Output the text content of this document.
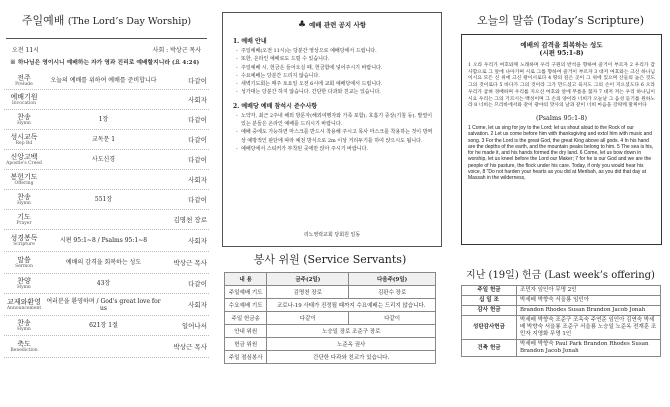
주일예배 (The Lord’s Day Worship)
오전 11시	사회 : 박상근 목사
※ 하나님은 영이시니 예배하는 자가 영과 진리로 예배할지니라 (요 4:24)
전주
Prelude
오늘의 예배를 위하여 예배를 준비합니다	다같이
예배기원
Invocation	사회자
찬송
Hymn
1장	다같이
성시교독
Rep Rd
교독문 1	다같이
신앙고백
Apostle's Creed
사도신경	다같이
봉헌기도
Offering	사회자
찬송
Hymn
551장	다같이
기도
Prayer	김명천 장로
성경봉독
Scripture
시편 95:1~8 / Psalms 95:1~8	사회자
말씀
Sermon
예배의 감격을 회복하는 성도	박상근 목사
찬양
Hymn
43장	다같이
교제와환영
Announcement
여러분을 환영하며 / God's great love for us	사회자
찬송
Hymn
621장 1절	일어나서
축도
Benediction	박상근 목사
♣ 예배 관련 공지 사항
1. 예배 안내
- 주일예배(오전 11시)는 당분간 영상으로 예배당에서 드립니다.
- 또한, 온라인 예배로도 드릴 수 있습니다.
- 주일예배 시, 헌금은 들어오실 때, 헌금함에 넣어주시기 바랍니다.
- 수요예배는 당분간 드리지 않습니다.
- 새벽기도회는 매주 토요일 오전 6시에 교회 예배당에서 드립니다.
- 성가대는 당분간 하지 않습니다. 간단한 다과와 친교는 있습니다.
2. 예배당 예배 참석시 준수사항
- 노약자, 최근 2주내 해외 방문자(해외여행자와 가족 포함), 호흡기 증상(기침 등), 발열이 있는 분들은 온라인 예배를 드리시기 바랍니다.
- 예배 중에도 가능하면 마스크를 반드시 착용해 주시고 목사 마스크를 착용하는 것이 방역상 예방적인 판단에 따라 예전 방식으로 2m 이상 거리두기를 하여 앉으시도 됩니다.
- 예배당에서 스티커가 부착된 곳에만 앉아 주시기 바랍니다.
리노영락교회 당회원 일동
봉사 위원 (Service Servants)
내 용	금주(2일)	다음주(9일)
주일예배 기도	김명천 장로	김판수 장로
수요예배 기도	코로나-19 사태가 진정될 때까지 수요예배는 드리지 않습니다.	
주일 헌금송	다같이	다같이
안내 위원	노승일 장로 조준구 장로	
헌금 위원	노준옥 권사	
주일 점심봉사	간단한 다과와 친교가 있습니다.	
오늘의 말씀 (Today’s Scripture)
예배의 감격을 회복하는 성도
(시편 95:1-8)
1 오라 우리가 여호와께 노래하며 우리 구원의 반석을 향하여 즐거이 부르자 2 우리가 감사함으로 그 앞에 나아가며 시로 그를 향하여 즐거이 부르자 3 대저 여호와는 크신 하나님이시요 모든 신 위에 크신 왕이시로다 4 땅의 깊은 곳이 그 위에 있으며 산들의 높은 것도 그의 것이로다 5 바다가 그의 것이라 그가 만드셨고 육지도 그의 손이 지으셨도다 6 오라 우리가 굽혀 경배하며 우리를 지으신 여호와 앞에 무릎을 꿇자 7 대저 저는 우리 하나님이시요 우리는 그의 기르시는 백성이며 그 손의 양이라 너희가 오늘날 그 음성 듣기를 원하노라 8 너희는 므리바에서와 같이 광야의 맛사의 날과 같이 너희 마음을 강퍅케 말찌어다
(Psalms 95:1-8)
1 Come, let us sing for joy to the Lord; let us shout aloud to the Rock of our salvation. 2 Let us come before him with thanksgiving and extol him with music and song. 3 For the Lord is the great God, the great King above all gods. 4 In his hand are the depths of the earth, and the mountain peaks belong to him. 5 The sea is his, for he made it, and his hands formed the dry land. 6 Come, let us bow down in worship, let us kneel before the Lord our Maker; 7 for he is our God and we are the people of his pasture, the flock under his care. Today, if only you would hear his voice, 8 "Do not harden your hearts as you did at Meribah, as you did that day at Massah in the wilderness,
지난 (19일) 헌금 (Last week’s offering)
주일 헌금	조민자 임인아 무명 2인
십 일 조	박세배 박향숙 서을룡 임인아
감사 헌금	Brandon Rhodes Susan Brandon Jacob Jonah
성탄감사헌금	박세배 박향숙 조준구 조옥숙 주연준 임인아 김연숙 박세배 박향숙 서을룡 조준구 서을룡 노승일 노준옥 전재훈 조민자 지영화 무명 1인
건축 헌금	박세배 박향숙 Paul Park Brandon Rhodes Susan Brandon Jacob Jonah
